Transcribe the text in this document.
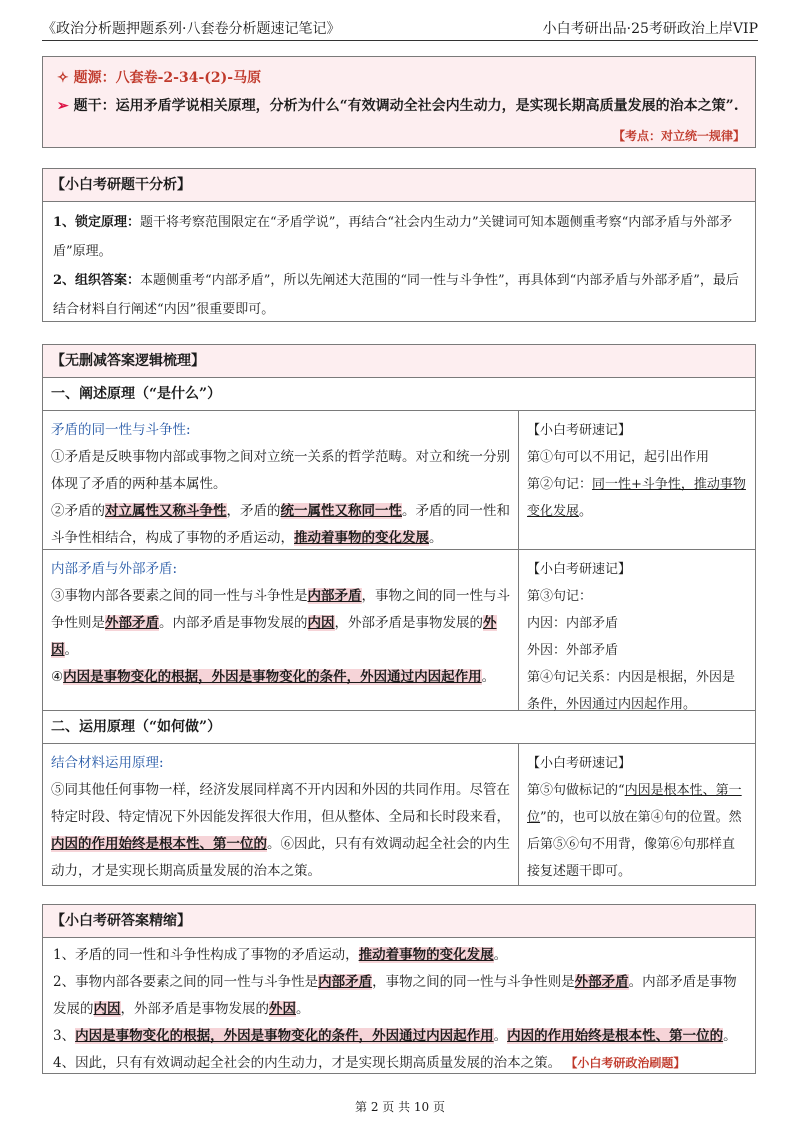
《政治分析题押题系列·八套卷分析题速记笔记》	小白考研出品·25考研政治上岸VIP
✧ 题源：八套卷-2-34-(2)-马原
➢ 题干：运用矛盾学说相关原理，分析为什么“有效调动全社会内生动力，是实现长期高质量发展的治本之策”.
【考点：对立统一规律】
【小白考研题干分析】
1、锁定原理：题干将考察范围限定在“矛盾学说”，再结合“社会内生动力”关键词可知本题侧重考察“内部矛盾与外部矛盾”原理。
2、组织答案：本题侧重考“内部矛盾”，所以先阐述大范围的“同一性与斗争性”，再具体到“内部矛盾与外部矛盾”，最后结合材料自行阐述“内因”很重要即可。
【无删减答案逻辑梳理】
一、阐述原理（“是什么”）
矛盾的同一性与斗争性:
①矛盾是反映事物内部或事物之间对立统一关系的哲学范畴。对立和统一分别体现了矛盾的两种基本属性。
②矛盾的对立属性又称斗争性，矛盾的统一属性又称同一性。矛盾的同一性和斗争性相结合，构成了事物的矛盾运动，推动着事物的变化发展。
【小白考研速记】
第①句可以不用记，起引出作用
第②句记：同一性+斗争性，推动事物变化发展。
内部矛盾与外部矛盾:
③事物内部各要素之间的同一性与斗争性是内部矛盾，事物之间的同一性与斗争性则是外部矛盾。内部矛盾是事物发展的内因，外部矛盾是事物发展的外因。
④内因是事物变化的根据，外因是事物变化的条件，外因通过内因起作用。
【小白考研速记】
第③句记：
内因：内部矛盾
外因：外部矛盾
第④句记关系：内因是根据，外因是条件，外因通过内因起作用。
二、运用原理（“如何做”）
结合材料运用原理:
⑤同其他任何事物一样，经济发展同样离不开内因和外因的共同作用。尽管在特定时段、特定情况下外因能发挥很大作用，但从整体、全局和长时段来看，内因的作用始终是根本性、第一位的。⑥因此，只有有效调动起全社会的内生动力，才是实现长期高质量发展的治本之策。
【小白考研速记】
第⑤句做标记的“内因是根本性、第一位”的，也可以放在第④句的位置。然后第⑤⑥句不用背，像第⑥句那样直接复述题干即可。
【小白考研答案精缩】
1、矛盾的同一性和斗争性构成了事物的矛盾运动，推动着事物的变化发展。
2、事物内部各要素之间的同一性与斗争性是内部矛盾，事物之间的同一性与斗争性则是外部矛盾。内部矛盾是事物发展的内因，外部矛盾是事物发展的外因。
3、内因是事物变化的根据，外因是事物变化的条件，外因通过内因起作用。内因的作用始终是根本性、第一位的。
4、因此，只有有效调动起全社会的内生动力，才是实现长期高质量发展的治本之策。 【小白考研政治刷题】
第 2 页 共 10 页
